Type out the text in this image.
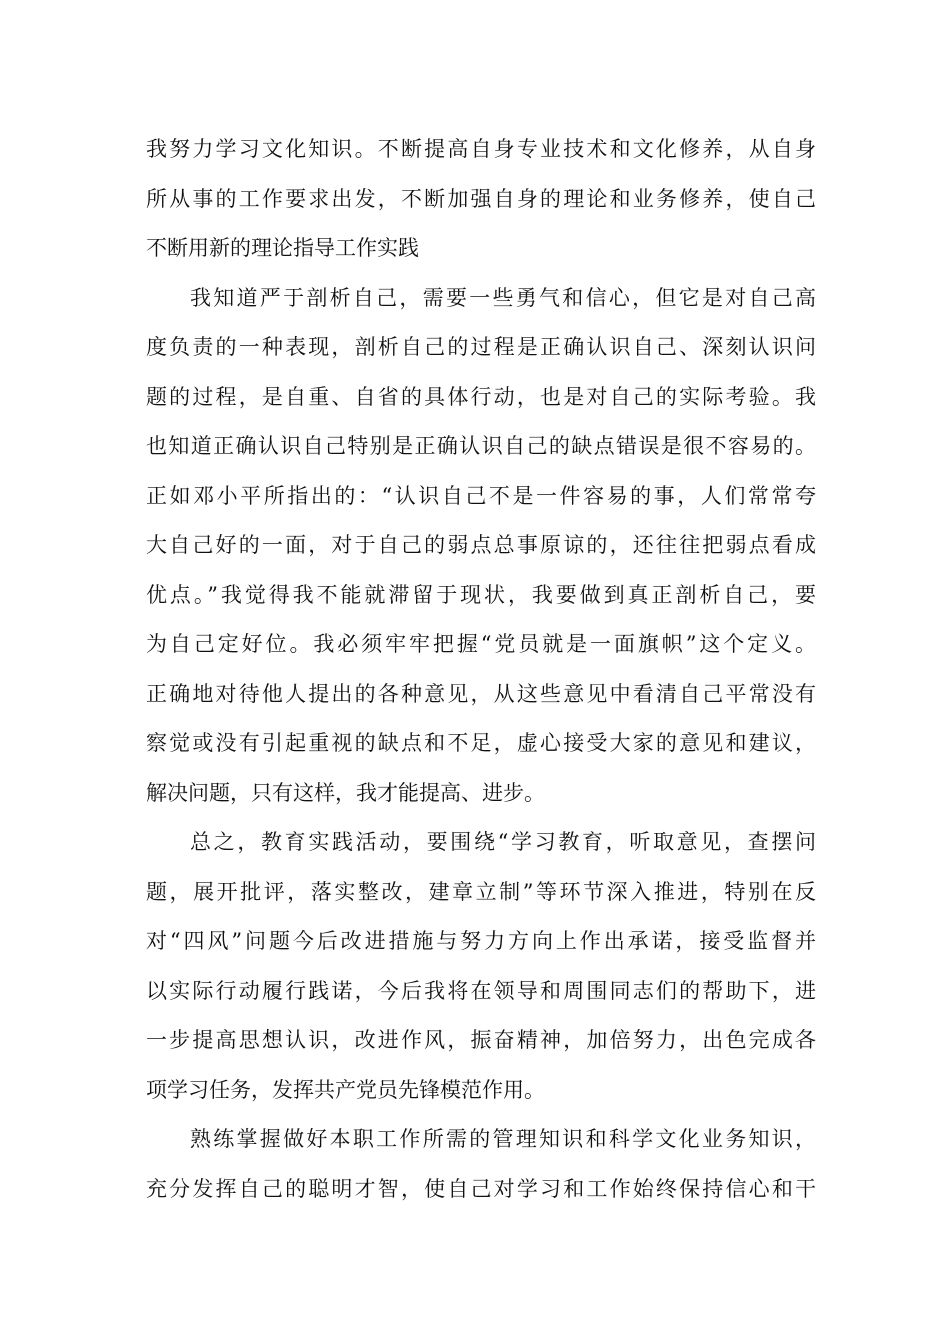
我努力学习文化知识。不断提高自身专业技术和文化修养，从自身
所从事的工作要求出发，不断加强自身的理论和业务修养，使自己
不断用新的理论指导工作实践
我知道严于剖析自己，需要一些勇气和信心，但它是对自己高
度负责的一种表现，剖析自己的过程是正确认识自己、深刻认识问
题的过程，是自重、自省的具体行动，也是对自己的实际考验。我
也知道正确认识自己特别是正确认识自己的缺点错误是很不容易的。
正如邓小平所指出的：“认识自己不是一件容易的事，人们常常夸
大自己好的一面，对于自己的弱点总事原谅的，还往往把弱点看成
优点。”我觉得我不能就滞留于现状，我要做到真正剖析自己，要
为自己定好位。我必须牢牢把握“党员就是一面旗帜”这个定义。
正确地对待他人提出的各种意见，从这些意见中看清自己平常没有
察觉或没有引起重视的缺点和不足，虚心接受大家的意见和建议，
解决问题，只有这样，我才能提高、进步。
总之，教育实践活动，要围绕“学习教育，听取意见，查摆问
题，展开批评，落实整改，建章立制”等环节深入推进，特别在反
对“四风”问题今后改进措施与努力方向上作出承诺，接受监督并
以实际行动履行践诺，今后我将在领导和周围同志们的帮助下，进
一步提高思想认识，改进作风，振奋精神，加倍努力，出色完成各
项学习任务，发挥共产党员先锋模范作用。
熟练掌握做好本职工作所需的管理知识和科学文化业务知识，
充分发挥自己的聪明才智，使自己对学习和工作始终保持信心和干
